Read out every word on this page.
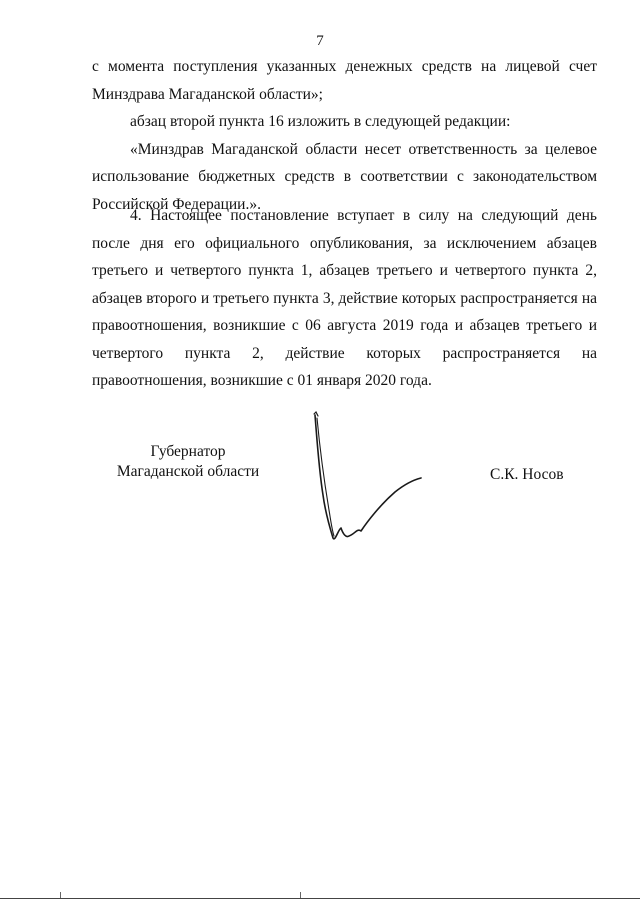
7

с момента поступления указанных денежных средств на лицевой счет Минздрава Магаданской области»;

абзац второй пункта 16 изложить в следующей редакции:

«Минздрав Магаданской области несет ответственность за целевое использование бюджетных средств в соответствии с законодательством Российской Федерации.».

4. Настоящее постановление вступает в силу на следующий день после дня его официального опубликования, за исключением абзацев третьего и четвертого пункта 1, абзацев третьего и четвертого пункта 2, абзацев второго и третьего пункта 3, действие которых распространяется на правоотношения, возникшие с 06 августа 2019 года и абзацев третьего и четвертого пункта 2, действие которых распространяется на правоотношения, возникшие с 01 января 2020 года.

Губернатор
Магаданской области	С.К. Носов
